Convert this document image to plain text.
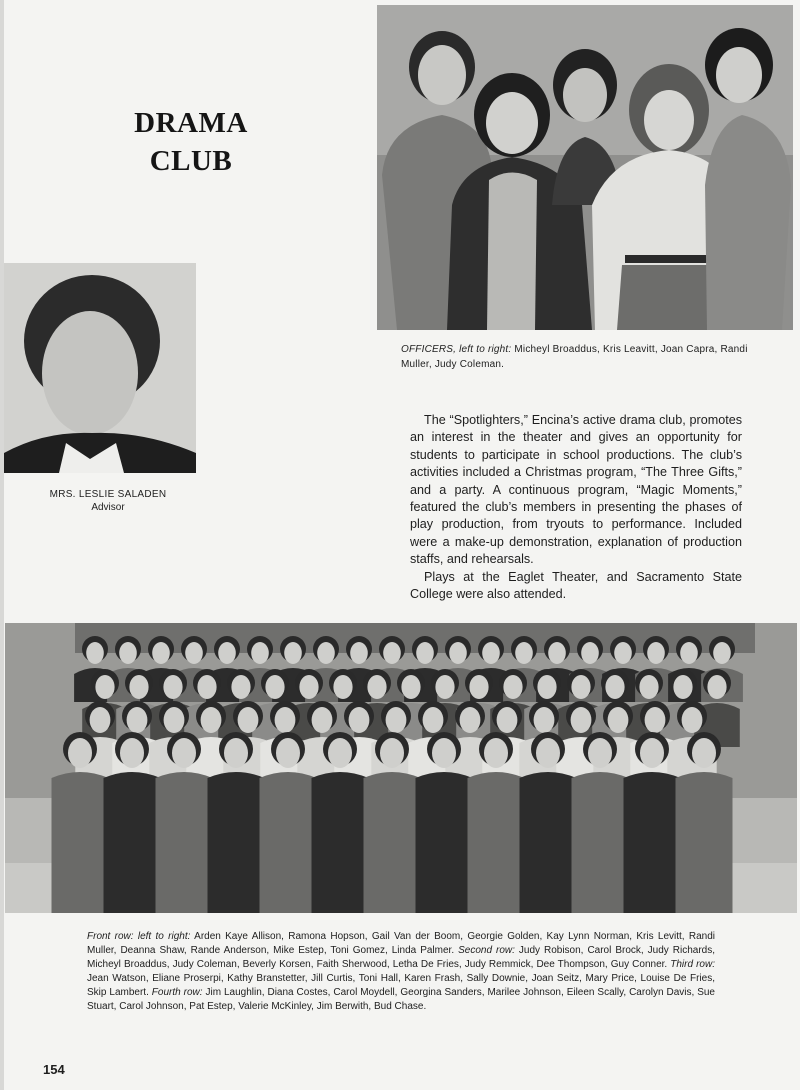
DRAMA
CLUB
OFFICERS, left to right: Micheyl Broaddus, Kris Leavitt, Joan Capra, Randi Muller, Judy Coleman.
MRS. LESLIE SALADEN
Advisor

The “Spotlighters,” Encina’s active drama club, promotes an interest in the theater and gives an opportunity for students to participate in school productions. The club’s activities included a Christmas program, “The Three Gifts,” and a party. A continuous program, “Magic Moments,” featured the club’s members in presenting the phases of play production, from tryouts to performance. Included were a make-up demonstration, explanation of production staffs, and rehearsals.

Plays at the Eaglet Theater, and Sacramento State College were also attended.

Front row: left to right: Arden Kaye Allison, Ramona Hopson, Gail Van der Boom, Georgie Golden, Kay Lynn Norman, Kris Levitt, Randi Muller, Deanna Shaw, Rande Anderson, Mike Estep, Toni Gomez, Linda Palmer. Second row: Judy Robison, Carol Brock, Judy Richards, Micheyl Broaddus, Judy Coleman, Beverly Korsen, Faith Sherwood, Letha De Fries, Judy Remmick, Dee Thompson, Guy Conner. Third row: Jean Watson, Eliane Proserpi, Kathy Branstetter, Jill Curtis, Toni Hall, Karen Frash, Sally Downie, Joan Seitz, Mary Price, Louise De Fries, Skip Lambert. Fourth row: Jim Laughlin, Diana Costes, Carol Moydell, Georgina Sanders, Marilee Johnson, Eileen Scally, Carolyn Davis, Sue Stuart, Carol Johnson, Pat Estep, Valerie McKinley, Jim Berwith, Bud Chase.
154
